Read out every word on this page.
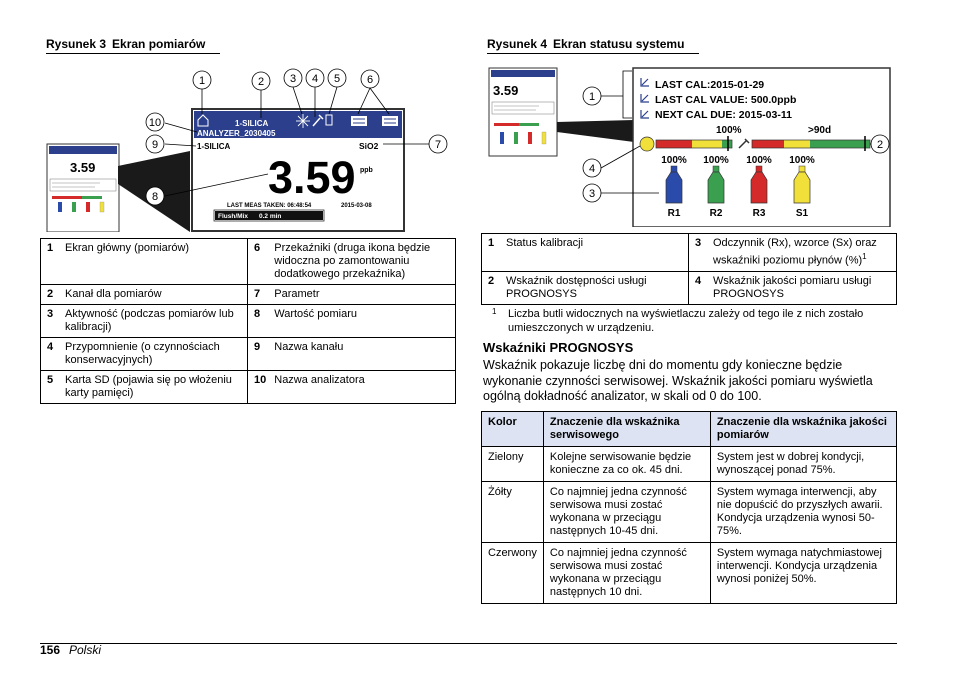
Rysunek 3 Ekran pomiarów
3.59
1-SILICA
ANALYZER_2030405
1-SILICA	SiO2
3.59 ppb
LAST MEAS TAKEN: 06:48:54	2015-03-08
Flush/Mix 0.2 min
1	2 3 4 5 6
7
8
9
10
1	Ekran główny (pomiarów)	6	Przekaźniki (druga ikona będzie widoczna po zamontowaniu dodatkowego przekaźnika)
2	Kanał dla pomiarów	7	Parametr
3	Aktywność (podczas pomiarów lub kalibracji)	8	Wartość pomiaru
4	Przypomnienie (o czynnościach konserwacyjnych)	9	Nazwa kanału
5	Karta SD (pojawia się po włożeniu karty pamięci)	10	Nazwa analizatora
Rysunek 4 Ekran statusu systemu
3.59	LAST CAL:2015-01-29
LAST CAL VALUE: 500.0ppb
NEXT CAL DUE: 2015-03-11
100%	>90d
100%
R1
100%
R2
100%
R3
100%
S1
1
2
3
4
1	Status kalibracji	3	Odczynnik (Rx), wzorce (Sx) oraz wskaźniki poziomu płynów (%)$^1$
2	Wskaźnik dostępności usługi PROGNOSYS	4	Wskaźnik jakości pomiaru usługi PROGNOSYS
1	Liczba butli widocznych na wyświetlaczu zależy od tego ile z nich zostało umieszczonych w urządzeniu.
Wskaźniki PROGNOSYS
Wskaźnik pokazuje liczbę dni do momentu gdy konieczne będzie wykonanie czynności serwisowej. Wskaźnik jakości pomiaru wyświetla ogólną dokładność analizator, w skali od 0 do 100.
Kolor	Znaczenie dla wskaźnika serwisowego	Znaczenie dla wskaźnika jakości pomiarów
Zielony	Kolejne serwisowanie będzie konieczne za co ok. 45 dni.	System jest w dobrej kondycji, wynoszącej ponad 75%.
Żółty	Co najmniej jedna czynność serwisowa musi zostać wykonana w przeciągu następnych 10-45 dni.	System wymaga interwencji, aby nie dopuścić do przyszłych awarii. Kondycja urządzenia wynosi 50-75%.
Czerwony	Co najmniej jedna czynność serwisowa musi zostać wykonana w przeciągu następnych 10 dni.	System wymaga natychmiastowej interwencji. Kondycja urządzenia wynosi poniżej 50%.
156 Polski
